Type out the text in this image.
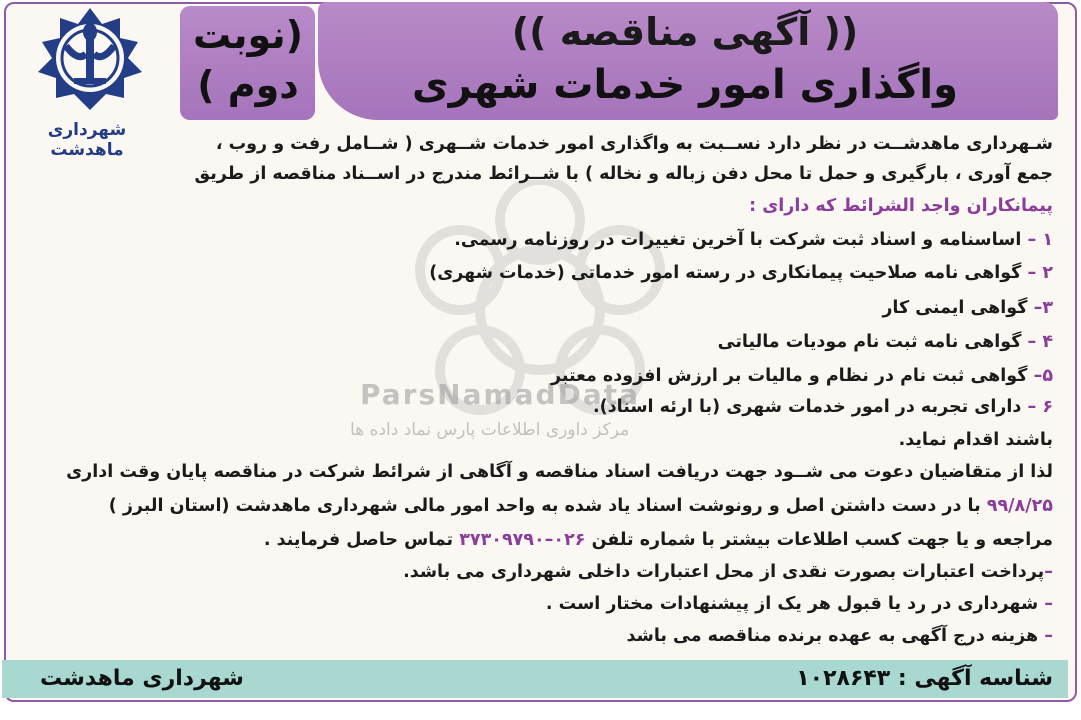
(( آگهی مناقصه ))
واگذاری امور خدمات شهری
(نوبت
دوم )
شهرداری ماهدشت
ParsNamadData
مرکز داوری اطلاعات پارس نماد داده ها
شـهرداری ماهدشــت در نظر دارد نســبت به واگذاری امور خدمات شــهری ( شــامل رفت و روب ،
جمع آوری ، بارگیری و حمل تا محل دفن زباله و نخاله ) با شــرائط مندرج در اســناد مناقصه از طریق
پیمانکاران واجد الشرائط که دارای :
۱ – اساسنامه و اسناد ثبت شرکت با آخرین تغییرات در روزنامه رسمی.
۲ – گواهی نامه صلاحیت پیمانکاری در رسته امور خدماتی (خدمات شهری)
۳– گواهی ایمنی کار
۴ – گواهی نامه ثبت نام مودیات مالیاتی
۵– گواهی ثبت نام در نظام و مالیات بر ارزش افزوده معتبر
۶ – دارای تجربه در امور خدمات شهری (با ارئه اسناد).
باشند اقدام نماید.
لذا از متقاضیان دعوت می شــود جهت دریافت اسناد مناقصه و آگاهی از شرائط شرکت در مناقصه پایان وقت اداری
۹۹/۸/۲۵ با در دست داشتن اصل و رونوشت اسناد یاد شده به واحد امور مالی شهرداری ماهدشت (استان البرز )
مراجعه و یا جهت کسب اطلاعات بیشتر با شماره تلفن ۰۲۶–۳۷۳۰۹۷۹۰ تماس حاصل فرمایند .
–پرداخت اعتبارات بصورت نقدی از محل اعتبارات داخلی شهرداری می باشد.
– شهرداری در رد یا قبول هر یک از پیشنهادات مختار است .
– هزینه درج آگهی به عهده برنده مناقصه می باشد
شناسه آگهی : ۱۰۲۸۶۴۳
شهرداری ماهدشت
